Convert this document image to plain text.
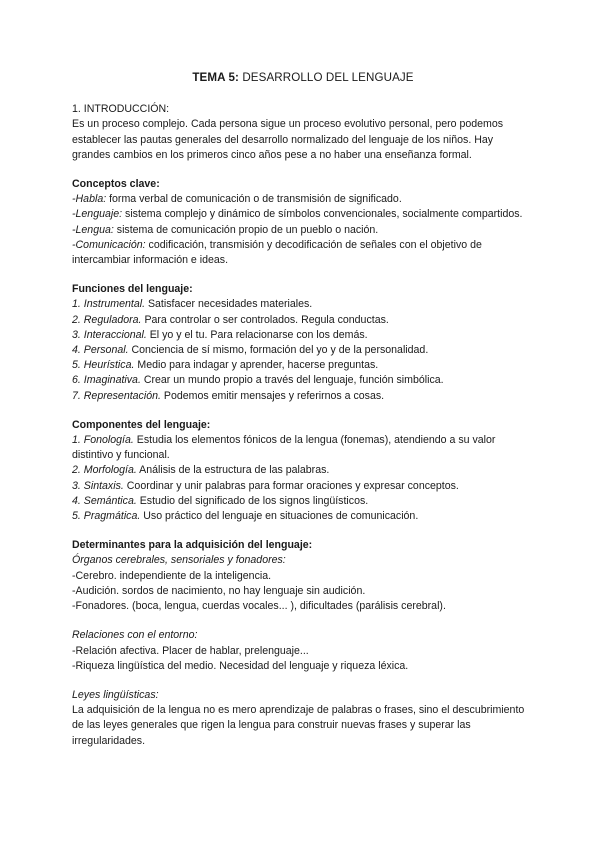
TEMA 5: DESARROLLO DEL LENGUAJE

1. INTRODUCCIÓN:

Es un proceso complejo. Cada persona sigue un proceso evolutivo personal, pero podemos establecer las pautas generales del desarrollo normalizado del lenguaje de los niños. Hay grandes cambios en los primeros cinco años pese a no haber una enseñanza formal.

Conceptos clave:

-Habla: forma verbal de comunicación o de transmisión de significado.

-Lenguaje: sistema complejo y dinámico de símbolos convencionales, socialmente compartidos.

-Lengua: sistema de comunicación propio de un pueblo o nación.

-Comunicación: codificación, transmisión y decodificación de señales con el objetivo de intercambiar información e ideas.

Funciones del lenguaje:

1. Instrumental. Satisfacer necesidades materiales.

2. Reguladora. Para controlar o ser controlados. Regula conductas.

3. Interaccional. El yo y el tu. Para relacionarse con los demás.

4. Personal. Conciencia de sí mismo, formación del yo y de la personalidad.

5. Heurística. Medio para indagar y aprender, hacerse preguntas.

6. Imaginativa. Crear un mundo propio a través del lenguaje, función simbólica.

7. Representación. Podemos emitir mensajes y referirnos a cosas.

Componentes del lenguaje:

1. Fonología. Estudia los elementos fónicos de la lengua (fonemas), atendiendo a su valor distintivo y funcional.

2. Morfología. Análisis de la estructura de las palabras.

3. Sintaxis. Coordinar y unir palabras para formar oraciones y expresar conceptos.

4. Semántica. Estudio del significado de los signos lingüísticos.

5. Pragmática. Uso práctico del lenguaje en situaciones de comunicación.

Determinantes para la adquisición del lenguaje:

Órganos cerebrales, sensoriales y fonadores:

-Cerebro. independiente de la inteligencia.

-Audición. sordos de nacimiento, no hay lenguaje sin audición.

-Fonadores. (boca, lengua, cuerdas vocales... ), dificultades (parálisis cerebral).

Relaciones con el entorno:

-Relación afectiva. Placer de hablar, prelenguaje...

-Riqueza lingüística del medio. Necesidad del lenguaje y riqueza léxica.

Leyes lingüísticas:

La adquisición de la lengua no es mero aprendizaje de palabras o frases, sino el descubrimiento de las leyes generales que rigen la lengua para construir nuevas frases y superar las irregularidades.
